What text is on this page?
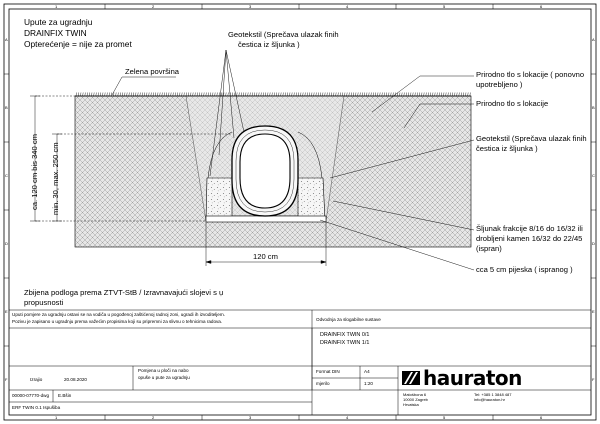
1	2	3	4	5	6
1	2	3	4	5	6
A
B
C
D
E
F
A
B
C
D
E
F
Upute za ugradnju
DRAINFIX TWIN
Opterećenje = nije za promet
Geotekstil (Sprečava ulazak finih
čestica iz šljunka )
Zelena površina	Prirodno tlo s lokacije ( ponovno
upotrebljeno )
Prirodno tlo s lokacije
Geotekstil (Sprečava ulazak finih
čestica iz šljunka )
Šljunak frakcije 8/16 do 16/32 ili
drobljeni kamen 16/32 do 22/45
(ispran)
cca 5 cm pijeska ( ispranog )
ca. 120 cm bis 340 cm min. 30, max. 250 cm
120 cm
Zbijena podloga prema ZTVT-StB / Izravnavajući slojevi s ụ
propusnosti
Uputi pomjere za ugradnju ostavi se na vodiča u pogođenoj zaštićenoj radnoj zoni, ugradi ih izvoditeljem.
Pozivu je zapisano u ugradnju prema važećim propisima koji su pripremni za slivnu o tehnicima radova.	Odvodnja za slogabilne sustave
DRAINFIX TWIN 0/1
DRAINFIX TWIN 1/1
Pomjena u ploči na nabo
opuše u pute za ugradnju
Format DIN	A4
mjerilo	1:20
Izrajio	20.08.2020
00000-07770-dwg E.Bšin
ERF TWIN 0.1 Ispušiba
hauraton
Matošbona 6
10000 Zagreb
Hrvatska
Tel: +385 1 3848 487
info@hauraton.hr
